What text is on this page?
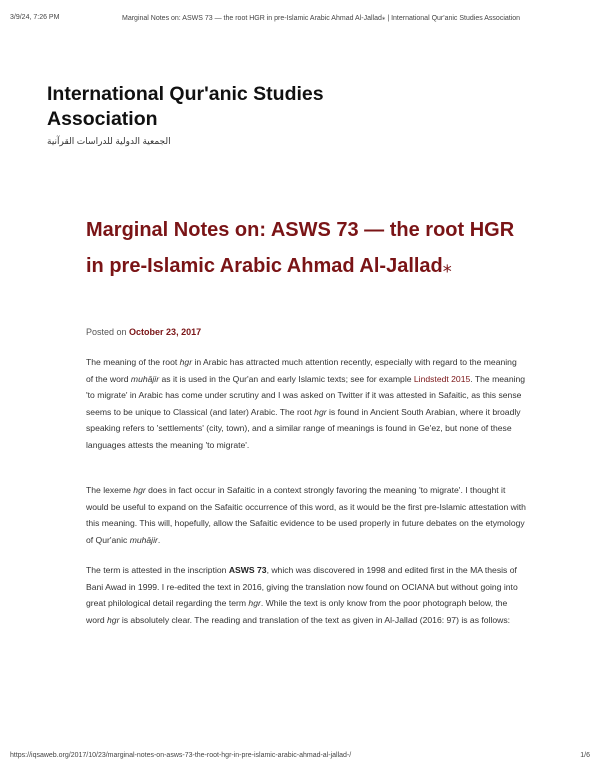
3/9/24, 7:26 PM	Marginal Notes on: ASWS 73 — the root HGR in pre-Islamic Arabic Ahmad Al-Jallad⁎ | International Qur'anic Studies Association
International Qur'anic Studies Association
الجمعية الدولية للدراسات القرآنية
Marginal Notes on: ASWS 73 — the root HGR in pre-Islamic Arabic Ahmad Al-Jallad⁎
Posted on October 23, 2017

The meaning of the root hgr in Arabic has attracted much attention recently, especially with regard to the meaning of the word muhājir as it is used in the Qur'an and early Islamic texts; see for example Lindstedt 2015. The meaning 'to migrate' in Arabic has come under scrutiny and I was asked on Twitter if it was attested in Safaitic, as this sense seems to be unique to Classical (and later) Arabic. The root hgr is found in Ancient South Arabian, where it broadly speaking refers to 'settlements' (city, town), and a similar range of meanings is found in Ge'ez, but none of these languages attests the meaning 'to migrate'.

The lexeme hgr does in fact occur in Safaitic in a context strongly favoring the meaning 'to migrate'. I thought it would be useful to expand on the Safaitic occurrence of this word, as it would be the first pre-Islamic attestation with this meaning. This will, hopefully, allow the Safaitic evidence to be used properly in future debates on the etymology of Qur'anic muhājir.

The term is attested in the inscription ASWS 73, which was discovered in 1998 and edited first in the MA thesis of Bani Awad in 1999. I re-edited the text in 2016, giving the translation now found on OCIANA but without going into great philological detail regarding the term hgr. While the text is only know from the poor photograph below, the word hgr is absolutely clear. The reading and translation of the text as given in Al-Jallad (2016: 97) is as follows:

https://iqsaweb.org/2017/10/23/marginal-notes-on-asws-73-the-root-hgr-in-pre-islamic-arabic-ahmad-al-jallad-/	1/6
